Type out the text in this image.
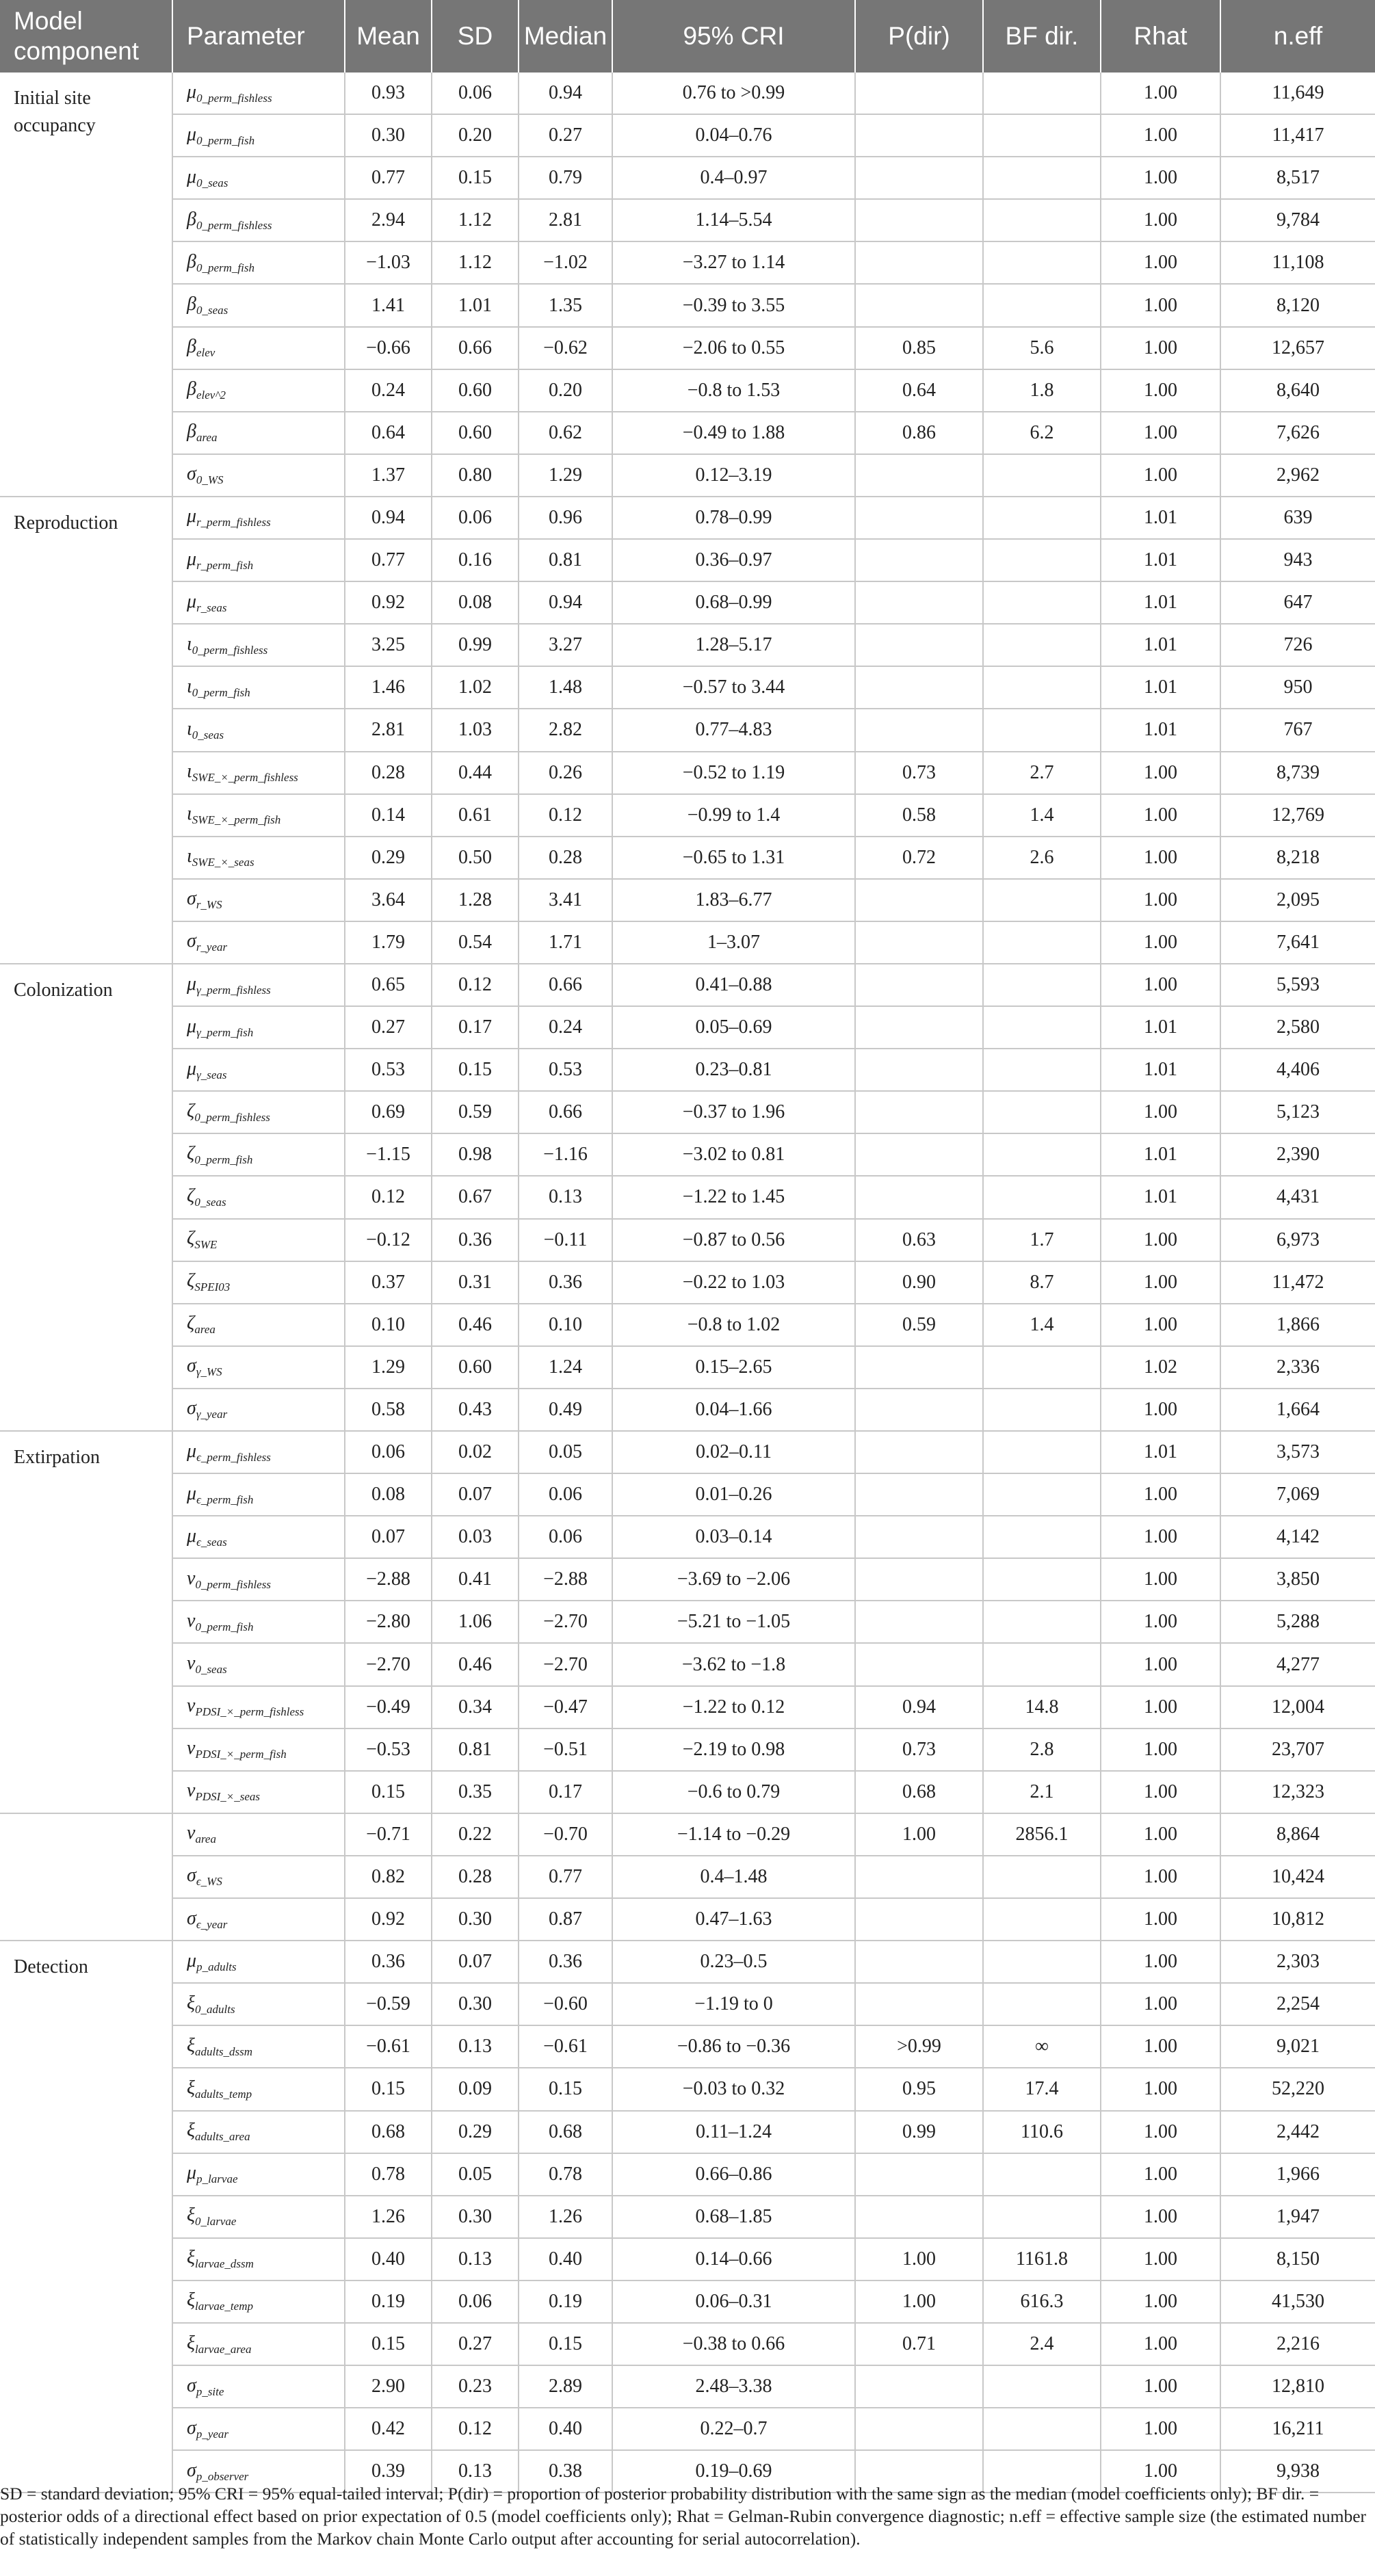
Model component	Parameter	Mean	SD	Median	95% CRI	P(dir)	BF dir.	Rhat	n.eff
Initial site occupancy	$\mu_{0\_perm\_fishless}$	0.93	0.06	0.94	0.76 to >0.99			1.00	11,649
	$\mu_{0\_perm\_fish}$	0.30	0.20	0.27	0.04–0.76			1.00	11,417
	$\mu_{0\_seas}$	0.77	0.15	0.79	0.4–0.97			1.00	8,517
	$\beta_{0\_perm\_fishless}$	2.94	1.12	2.81	1.14–5.54			1.00	9,784
	$\beta_{0\_perm\_fish}$	−1.03	1.12	−1.02	−3.27 to 1.14			1.00	11,108
	$\beta_{0\_seas}$	1.41	1.01	1.35	−0.39 to 3.55			1.00	8,120
	$\beta_{elev}$	−0.66	0.66	−0.62	−2.06 to 0.55	0.85	5.6	1.00	12,657
	$\beta_{elev\^{}2}$	0.24	0.60	0.20	−0.8 to 1.53	0.64	1.8	1.00	8,640
	$\beta_{area}$	0.64	0.60	0.62	−0.49 to 1.88	0.86	6.2	1.00	7,626
	$\sigma_{0\_WS}$	1.37	0.80	1.29	0.12–3.19			1.00	2,962
Reproduction	$\mu_{r\_perm\_fishless}$	0.94	0.06	0.96	0.78–0.99			1.01	639
	$\mu_{r\_perm\_fish}$	0.77	0.16	0.81	0.36–0.97			1.01	943
	$\mu_{r\_seas}$	0.92	0.08	0.94	0.68–0.99			1.01	647
	$\iota_{0\_perm\_fishless}$	3.25	0.99	3.27	1.28–5.17			1.01	726
	$\iota_{0\_perm\_fish}$	1.46	1.02	1.48	−0.57 to 3.44			1.01	950
	$\iota_{0\_seas}$	2.81	1.03	2.82	0.77–4.83			1.01	767
	$\iota_{SWE\_\times\_perm\_fishless}$	0.28	0.44	0.26	−0.52 to 1.19	0.73	2.7	1.00	8,739
	$\iota_{SWE\_\times\_perm\_fish}$	0.14	0.61	0.12	−0.99 to 1.4	0.58	1.4	1.00	12,769
	$\iota_{SWE\_\times\_seas}$	0.29	0.50	0.28	−0.65 to 1.31	0.72	2.6	1.00	8,218
	$\sigma_{r\_WS}$	3.64	1.28	3.41	1.83–6.77			1.00	2,095
	$\sigma_{r\_year}$	1.79	0.54	1.71	1–3.07			1.00	7,641
Colonization	$\mu_{\gamma\_perm\_fishless}$	0.65	0.12	0.66	0.41–0.88			1.00	5,593
	$\mu_{\gamma\_perm\_fish}$	0.27	0.17	0.24	0.05–0.69			1.01	2,580
	$\mu_{\gamma\_seas}$	0.53	0.15	0.53	0.23–0.81			1.01	4,406
	$\zeta_{0\_perm\_fishless}$	0.69	0.59	0.66	−0.37 to 1.96			1.00	5,123
	$\zeta_{0\_perm\_fish}$	−1.15	0.98	−1.16	−3.02 to 0.81			1.01	2,390
	$\zeta_{0\_seas}$	0.12	0.67	0.13	−1.22 to 1.45			1.01	4,431
	$\zeta_{SWE}$	−0.12	0.36	−0.11	−0.87 to 0.56	0.63	1.7	1.00	6,973
	$\zeta_{SPEI03}$	0.37	0.31	0.36	−0.22 to 1.03	0.90	8.7	1.00	11,472
	$\zeta_{area}$	0.10	0.46	0.10	−0.8 to 1.02	0.59	1.4	1.00	1,866
	$\sigma_{\gamma\_WS}$	1.29	0.60	1.24	0.15–2.65			1.02	2,336
	$\sigma_{\gamma\_year}$	0.58	0.43	0.49	0.04–1.66			1.00	1,664
Extirpation	$\mu_{\epsilon\_perm\_fishless}$	0.06	0.02	0.05	0.02–0.11			1.01	3,573
	$\mu_{\epsilon\_perm\_fish}$	0.08	0.07	0.06	0.01–0.26			1.00	7,069
	$\mu_{\epsilon\_seas}$	0.07	0.03	0.06	0.03–0.14			1.00	4,142
	$\nu_{0\_perm\_fishless}$	−2.88	0.41	−2.88	−3.69 to −2.06			1.00	3,850
	$\nu_{0\_perm\_fish}$	−2.80	1.06	−2.70	−5.21 to −1.05			1.00	5,288
	$\nu_{0\_seas}$	−2.70	0.46	−2.70	−3.62 to −1.8			1.00	4,277
	$\nu_{PDSI\_\times\_perm\_fishless}$	−0.49	0.34	−0.47	−1.22 to 0.12	0.94	14.8	1.00	12,004
	$\nu_{PDSI\_\times\_perm\_fish}$	−0.53	0.81	−0.51	−2.19 to 0.98	0.73	2.8	1.00	23,707
	$\nu_{PDSI\_\times\_seas}$	0.15	0.35	0.17	−0.6 to 0.79	0.68	2.1	1.00	12,323
	$\nu_{area}$	−0.71	0.22	−0.70	−1.14 to −0.29	1.00	2856.1	1.00	8,864
	$\sigma_{\epsilon\_WS}$	0.82	0.28	0.77	0.4–1.48			1.00	10,424
	$\sigma_{\epsilon\_year}$	0.92	0.30	0.87	0.47–1.63			1.00	10,812
Detection	$\mu_{p\_adults}$	0.36	0.07	0.36	0.23–0.5			1.00	2,303
	$\xi_{0\_adults}$	−0.59	0.30	−0.60	−1.19 to 0			1.00	2,254
	$\xi_{adults\_dssm}$	−0.61	0.13	−0.61	−0.86 to −0.36	>0.99	∞	1.00	9,021
	$\xi_{adults\_temp}$	0.15	0.09	0.15	−0.03 to 0.32	0.95	17.4	1.00	52,220
	$\xi_{adults\_area}$	0.68	0.29	0.68	0.11–1.24	0.99	110.6	1.00	2,442
	$\mu_{p\_larvae}$	0.78	0.05	0.78	0.66–0.86			1.00	1,966
	$\xi_{0\_larvae}$	1.26	0.30	1.26	0.68–1.85			1.00	1,947
	$\xi_{larvae\_dssm}$	0.40	0.13	0.40	0.14–0.66	1.00	1161.8	1.00	8,150
	$\xi_{larvae\_temp}$	0.19	0.06	0.19	0.06–0.31	1.00	616.3	1.00	41,530
	$\xi_{larvae\_area}$	0.15	0.27	0.15	−0.38 to 0.66	0.71	2.4	1.00	2,216
	$\sigma_{p\_site}$	2.90	0.23	2.89	2.48–3.38			1.00	12,810
	$\sigma_{p\_year}$	0.42	0.12	0.40	0.22–0.7			1.00	16,211
	$\sigma_{p\_observer}$	0.39	0.13	0.38	0.19–0.69			1.00	9,938
SD = standard deviation; 95% CRI = 95% equal-tailed interval; P(dir) = proportion of posterior probability distribution with the same sign as the median (model coefficients only); BF dir. = posterior odds of a directional effect based on prior expectation of 0.5 (model coefficients only); Rhat = Gelman-Rubin convergence diagnostic; n.eff = effective sample size (the estimated number of statistically independent samples from the Markov chain Monte Carlo output after accounting for serial autocorrelation).
